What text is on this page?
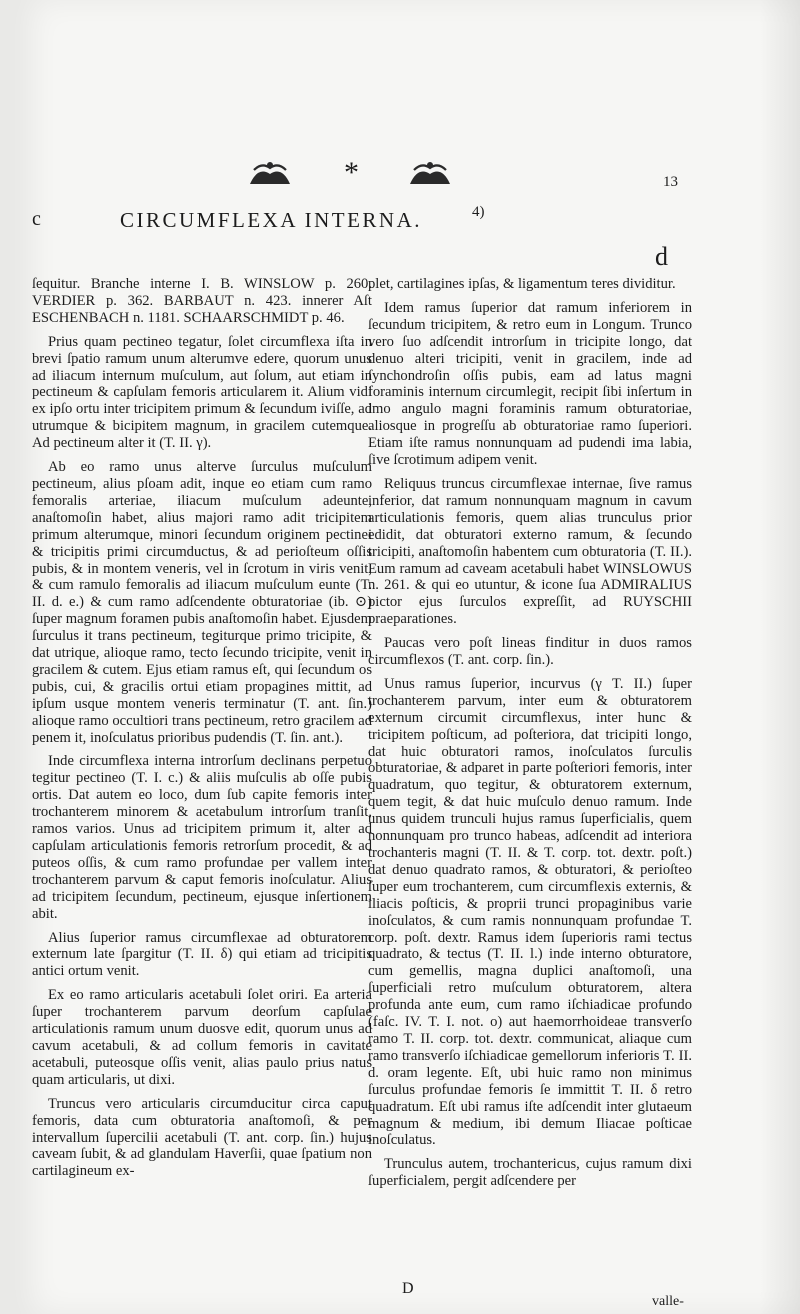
*	13
c	CIRCUMFLEXA INTERNA.	4)
d

ſequitur. Branche interne I. B. WINSLOW p. 260. VERDIER p. 362. BARBAUT n. 423. innerer Aſt ESCHENBACH n. 1181. SCHAARSCHMIDT p. 46.

Prius quam pectineo tegatur, ſolet circumflexa iſta in brevi ſpatio ramum unum alterumve edere, quorum unus ad iliacum internum muſculum, aut ſolum, aut etiam in pectineum & capſulam femoris articularem it. Alium vidi ex ipſo ortu inter tricipitem primum & ſecundum iviſſe, ad utrumque & bicipitem magnum, in gracilem cutemque. Ad pectineum alter it (T. II. γ).

Ab eo ramo unus alterve ſurculus muſculum pectineum, alius pſoam adit, inque eo etiam cum ramo femoralis arteriae, iliacum muſculum adeunte, anaſtomoſin habet, alius majori ramo adit tricipitem primum alterumque, minori ſecundum originem pectinei & tricipitis primi circumductus, & ad perioſteum oſſis pubis, & in montem veneris, vel in ſcrotum in viris venit, & cum ramulo femoralis ad iliacum muſculum eunte (T. II. d. e.) & cum ramo adſcendente obturatoriae (ib. ⊙) ſuper magnum foramen pubis anaſtomoſin habet. Ejusdem ſurculus it trans pectineum, tegiturque primo tricipite, & dat utrique, alioque ramo, tecto ſecundo tricipite, venit in gracilem & cutem. Ejus etiam ramus eſt, qui ſecundum os pubis, cui, & gracilis ortui etiam propagines mittit, ad ipſum usque montem veneris terminatur (T. ant. ſin.) alioque ramo occultiori trans pectineum, retro gracilem ad penem it, inoſculatus prioribus pudendis (T. ſin. ant.).

Inde circumflexa interna introrſum declinans perpetuo tegitur pectineo (T. I. c.) & aliis muſculis ab oſſe pubis ortis. Dat autem eo loco, dum ſub capite femoris inter trochanterem minorem & acetabulum introrſum tranſit, ramos varios. Unus ad tricipitem primum it, alter ad capſulam articulationis femoris retrorſum procedit, & ad puteos oſſis, & cum ramo profundae per vallem inter trochanterem parvum & caput femoris inoſculatur. Alius ad tricipitem ſecundum, pectineum, ejusque inſertionem abit.

Alius ſuperior ramus circumflexae ad obturatorem externum late ſpargitur (T. II. δ) qui etiam ad tricipitis antici ortum venit.

Ex eo ramo articularis acetabuli ſolet oriri. Ea arteria ſuper trochanterem parvum deorſum capſulae articulationis ramum unum duosve edit, quorum unus ad cavum acetabuli, & ad collum femoris in cavitate acetabuli, puteosque oſſis venit, alias paulo prius natus quam articularis, ut dixi.

Truncus vero articularis circumducitur circa caput femoris, data cum obturatoria anaſtomoſi, & per intervallum ſupercilii acetabuli (T. ant. corp. ſin.) hujus caveam ſubit, & ad glandulam Haverſii, quae ſpatium non cartilagineum ex-

plet, cartilagines ipſas, & ligamentum teres dividitur.

Idem ramus ſuperior dat ramum inferiorem in ſecundum tricipitem, & retro eum in Longum. Trunco vero ſuo adſcendit introrſum in tricipite longo, dat denuo alteri tricipiti, venit in gracilem, inde ad ſynchondroſin oſſis pubis, eam ad latus magni foraminis internum circumlegit, recipit ſibi inſertum in imo angulo magni foraminis ramum obturatoriae, aliosque in progreſſu ab obturatoriae ramo ſuperiori. Etiam iſte ramus nonnunquam ad pudendi ima labia, ſive ſcrotimum adipem venit.

Reliquus truncus circumflexae internae, ſive ramus inferior, dat ramum nonnunquam magnum in cavum articulationis femoris, quem alias trunculus prior edidit, dat obturatori externo ramum, & ſecundo tricipiti, anaſtomoſin habentem cum obturatoria (T. II.). Eum ramum ad caveam acetabuli habet WINSLOWUS n. 261. & qui eo utuntur, & icone ſua ADMIRALIUS pictor ejus ſurculos expreſſit, ad RUYSCHII praeparationes.

Paucas vero poſt lineas finditur in duos ramos circumflexos (T. ant. corp. ſin.).

Unus ramus ſuperior, incurvus (γ T. II.) ſuper trochanterem parvum, inter eum & obturatorem externum circumit circumflexus, inter hunc & tricipitem poſticum, ad poſteriora, dat tricipiti longo, dat huic obturatori ramos, inoſculatos ſurculis obturatoriae, & adparet in parte poſteriori femoris, inter quadratum, quo tegitur, & obturatorem externum, quem tegit, & dat huic muſculo denuo ramum. Inde unus quidem trunculi hujus ramus ſuperficialis, quem nonnunquam pro trunco habeas, adſcendit ad interiora trochanteris magni (T. II. & T. corp. tot. dextr. poſt.) dat denuo quadrato ramos, & obturatori, & perioſteo ſuper eum trochanterem, cum circumflexis externis, & iliacis poſticis, & proprii trunci propaginibus varie inoſculatos, & cum ramis nonnunquam profundae T. corp. poſt. dextr. Ramus idem ſuperioris rami tectus quadrato, & tectus (T. II. l.) inde interno obturatore, cum gemellis, magna duplici anaſtomoſi, una ſuperficiali retro muſculum obturatorem, altera profunda ante eum, cum ramo iſchiadicae profundo (faſc. IV. T. I. not. o) aut haemorrhoideae transverſo ramo T. II. corp. tot. dextr. communicat, aliaque cum ramo transverſo iſchiadicae gemellorum inferioris T. II. d. oram legente. Eſt, ubi huic ramo non minimus ſurculus profundae femoris ſe immittit T. II. δ retro quadratum. Eſt ubi ramus iſte adſcendit inter glutaeum magnum & medium, ibi demum Iliacae poſticae inoſculatus.

Trunculus autem, trochantericus, cujus ramum dixi ſuperficialem, pergit adſcendere per

D
valle-
